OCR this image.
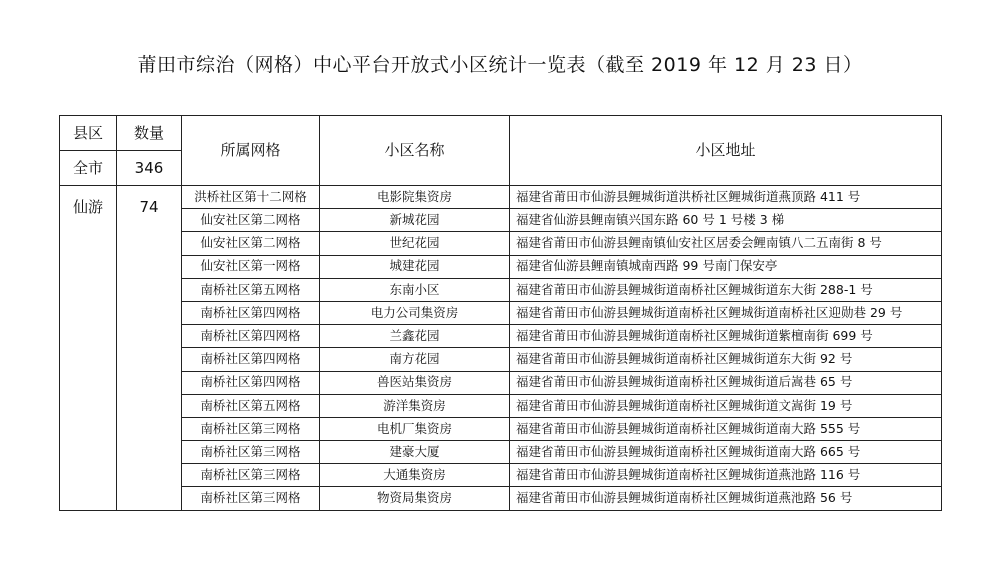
莆田市综治（网格）中心平台开放式小区统计一览表（截至 2019 年 12 月 23 日）
县区	数量	所属网格	小区名称	小区地址
全市	346			
仙游	74	洪桥社区第十二网格	电影院集资房	福建省莆田市仙游县鲤城街道洪桥社区鲤城街道燕顶路 411 号
		仙安社区第二网格	新城花园	福建省仙游县鲤南镇兴国东路 60 号 1 号楼 3 梯
		仙安社区第二网格	世纪花园	福建省莆田市仙游县鲤南镇仙安社区居委会鲤南镇八二五南街 8 号
		仙安社区第一网格	城建花园	福建省仙游县鲤南镇城南西路 99 号南门保安亭
		南桥社区第五网格	东南小区	福建省莆田市仙游县鲤城街道南桥社区鲤城街道东大街 288-1 号
		南桥社区第四网格	电力公司集资房	福建省莆田市仙游县鲤城街道南桥社区鲤城街道南桥社区迎勋巷 29 号
		南桥社区第四网格	兰鑫花园	福建省莆田市仙游县鲤城街道南桥社区鲤城街道紫檀南街 699 号
		南桥社区第四网格	南方花园	福建省莆田市仙游县鲤城街道南桥社区鲤城街道东大街 92 号
		南桥社区第四网格	兽医站集资房	福建省莆田市仙游县鲤城街道南桥社区鲤城街道后嵩巷 65 号
		南桥社区第五网格	游洋集资房	福建省莆田市仙游县鲤城街道南桥社区鲤城街道文嵩街 19 号
		南桥社区第三网格	电机厂集资房	福建省莆田市仙游县鲤城街道南桥社区鲤城街道南大路 555 号
		南桥社区第三网格	建豪大厦	福建省莆田市仙游县鲤城街道南桥社区鲤城街道南大路 665 号
		南桥社区第三网格	大通集资房	福建省莆田市仙游县鲤城街道南桥社区鲤城街道燕池路 116 号
		南桥社区第三网格	物资局集资房	福建省莆田市仙游县鲤城街道南桥社区鲤城街道燕池路 56 号
